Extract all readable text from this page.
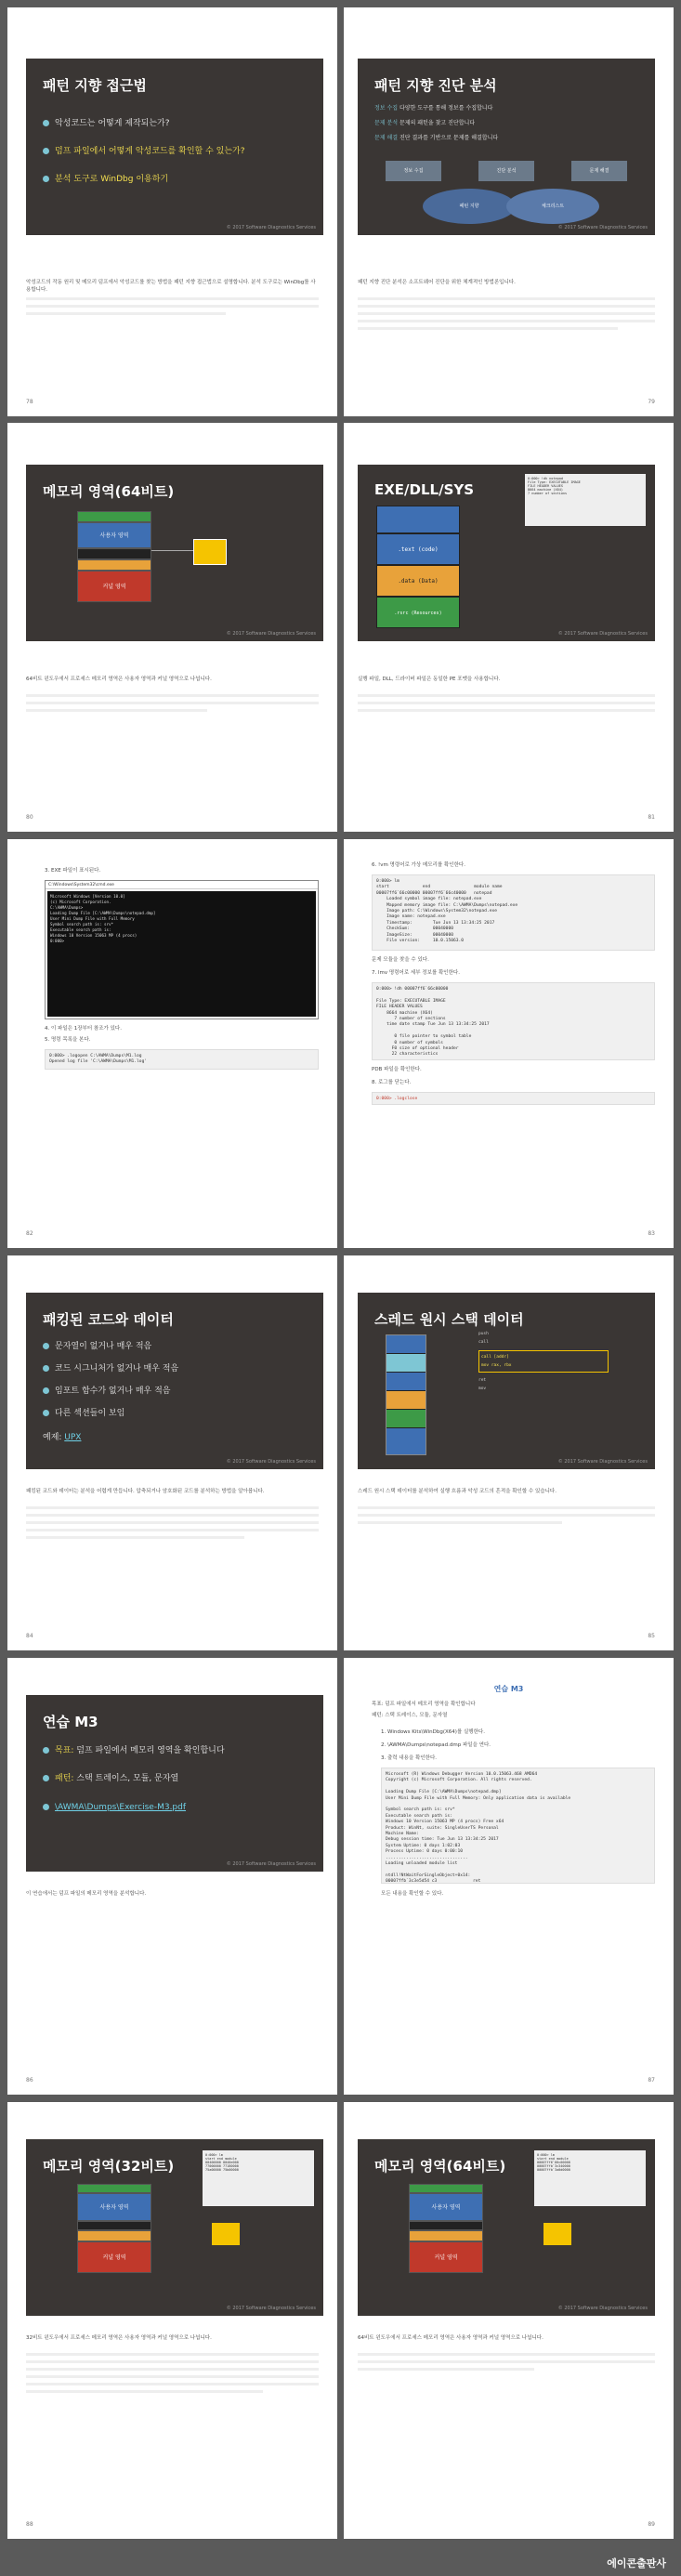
패턴 지향 접근법
악성코드는 어떻게 제작되는가?
덤프 파일에서 어떻게 악성코드를 확인할 수 있는가?
분석 도구로 WinDbg 이용하기
© 2017 Software Diagnostics Services
악성코드의 작동 원리 및 메모리 덤프에서 악성코드를 찾는 방법을 패턴 지향 접근법으로 설명합니다. 분석 도구로는 WinDbg를 사용합니다.
78
패턴 지향 진단 분석
정보 수집 다양한 도구를 통해 정보를 수집합니다
문제 분석 문제의 패턴을 찾고 진단합니다
문제 해결 진단 결과를 기반으로 문제를 해결합니다
정보 수집	진단 분석	문제 해결
패턴 지향	체크리스트
© 2017 Software Diagnostics Services
패턴 지향 진단 분석은 소프트웨어 진단을 위한 체계적인 방법론입니다.
79
메모리 영역(64비트)
사용자 영역
커널 영역
© 2017 Software Diagnostics Services
64비트 윈도우에서 프로세스 메모리 영역은 사용자 영역과 커널 영역으로 나뉩니다.
80
EXE/DLL/SYS
.text (code)
.data (Data)
.rsrc (Resources)
0:000> !dh notepad
File Type: EXECUTABLE IMAGE
FILE HEADER VALUES
8664 machine (X64)
7 number of sections
© 2017 Software Diagnostics Services
실행 파일, DLL, 드라이버 파일은 동일한 PE 포맷을 사용합니다.
81
3. EXE 파일이 표시된다.
C:\Windows\System32\cmd.exe
Microsoft Windows [Version 10.0]
(c) Microsoft Corporation.
C:\AWMA\Dumps>
Loading Dump File [C:\AWMA\Dumps\notepad.dmp]
User Mini Dump File with Full Memory
Symbol search path is: srv*
Executable search path is:
Windows 10 Version 15063 MP (4 procs)
0:000>
4. 이 파일은 1장부터 참조가 있다.
5. 명령 목록을 본다.
0:000> .logopen C:\AWMA\Dumps\M1.log
Opened log file 'C:\AWMA\Dumps\M1.log'
82
6. !vm 명령어로 가상 메모리를 확인한다.
0:000> lm
start             end                 module name
00007ff6`66c00000 00007ff6`66c40000   notepad
Loaded symbol image file: notepad.exe
Mapped memory image file: C:\AWMA\Dumps\notepad.exe
Image path: C:\Windows\System32\notepad.exe
Image name: notepad.exe
Timestamp:        Tue Jun 13 13:34:25 2017
CheckSum:         00040000
ImageSize:        00040000
File version:     10.0.15063.0
문제 모듈을 찾을 수 있다.
7. lmv 명령어로 세부 정보를 확인한다.
0:000> !dh 00007ff6`66c00000

File Type: EXECUTABLE IMAGE
FILE HEADER VALUES
8664 machine (X64)
7 number of sections
time date stamp Tue Jun 13 13:34:25 2017

0 file pointer to symbol table
0 number of symbols
F0 size of optional header
22 characteristics
PDB 파일을 확인한다.
8. 로그를 닫는다.
0:000> .logclose
83
패킹된 코드와 데이터
문자열이 없거나 매우 적음
코드 시그니처가 없거나 매우 적음
임포트 함수가 없거나 매우 적음
다른 섹션들이 보임
예제: UPX
© 2017 Software Diagnostics Services
패킹된 코드와 데이터는 분석을 어렵게 만듭니다. 압축되거나 암호화된 코드를 분석하는 방법을 알아봅니다.
84
스레드 원시 스택 데이터
push
call
call [addr]
mov rax, rbx
ret
mov
© 2017 Software Diagnostics Services
스레드 원시 스택 데이터를 분석하여 실행 흐름과 악성 코드의 흔적을 확인할 수 있습니다.
85
연습 M3
목표: 덤프 파일에서 메모리 영역을 확인합니다
패턴: 스택 트레이스, 모듈, 문자열
\AWMA\Dumps\Exercise-M3.pdf
© 2017 Software Diagnostics Services
이 연습에서는 덤프 파일의 메모리 영역을 분석합니다.
86
연습 M3
목표: 덤프 파일에서 메모리 영역을 확인합니다
패턴: 스택 트레이스, 모듈, 문자열
1. Windows Kits\WinDbg(X64)를 실행한다.
2. \AWMA\Dumps\notepad.dmp 파일을 연다.
3. 출력 내용을 확인한다.
Microsoft (R) Windows Debugger Version 10.0.15063.468 AMD64
Copyright (c) Microsoft Corporation. All rights reserved.

Loading Dump File [C:\AWMA\Dumps\notepad.dmp]
User Mini Dump File with Full Memory: Only application data is available

Symbol search path is: srv*
Executable search path is:
Windows 10 Version 15063 MP (4 procs) Free x64
Product: WinNt, suite: SingleUserTS Personal
Machine Name:
Debug session time: Tue Jun 13 13:34:25 2017
System Uptime: 0 days 1:02:03
Process Uptime: 0 days 0:00:10
................................
Loading unloaded module list

ntdll!NtWaitForSingleObject+0x14:
00007ffb`3c3e5d54 c3              ret
모든 내용을 확인할 수 있다.
87
메모리 영역(32비트)
사용자 영역
커널 영역
0:000> lm
start end module
00400000 0040e000
77000000 77180000
75a00000 75b00000
© 2017 Software Diagnostics Services
32비트 윈도우에서 프로세스 메모리 영역은 사용자 영역과 커널 영역으로 나뉩니다.
88
메모리 영역(64비트)
사용자 영역
커널 영역
0:000> lm
start end module
00007ff6`66c00000
00007ffb`3c340000
00007ffb`3a0d0000
© 2017 Software Diagnostics Services
64비트 윈도우에서 프로세스 메모리 영역은 사용자 영역과 커널 영역으로 나뉩니다.
89
에이콘출판사
